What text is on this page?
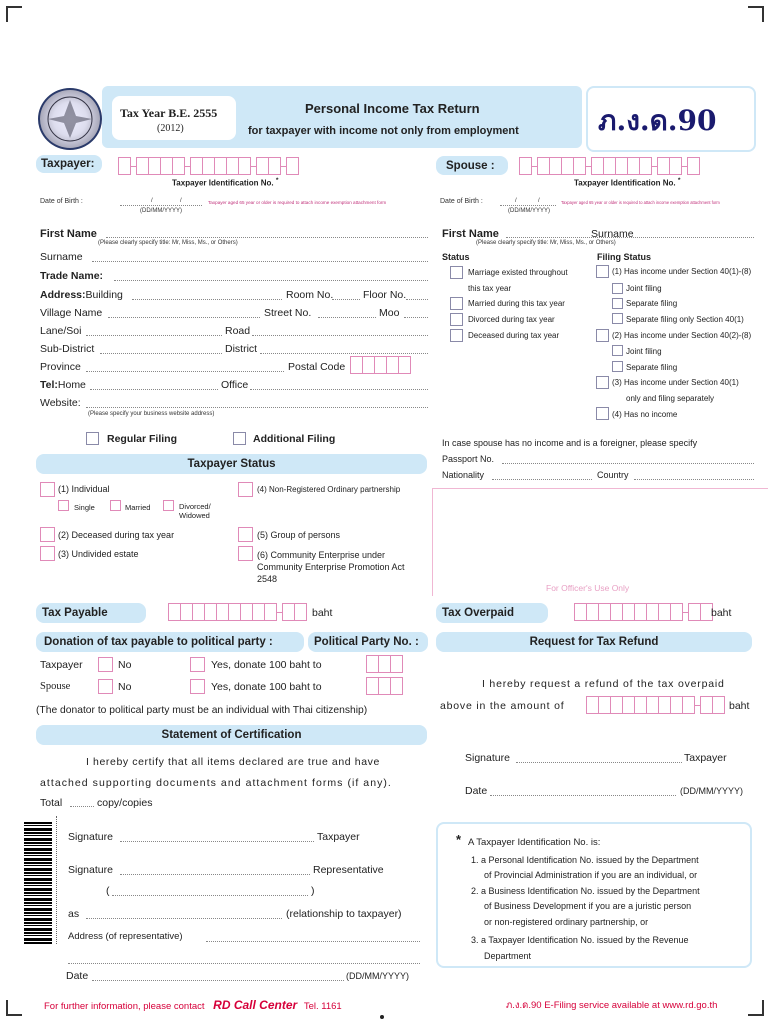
Tax Year B.E. 2555
(2012)
Personal Income Tax Return
for taxpayer with income not only from employment	ภ.ง.ด.90
Taxpayer:
Taxpayer Identification No. *
Date of Birth :	/	/
(DD/MM/YYYY)
Taxpayer aged 65 year or older is required to attach income exemption attachment form
First Name
(Please clearly specify title: Mr, Miss, Ms., or Others)
Surname
Trade Name:
Address:Building	Room No.	Floor No.
Village Name	Street No.	Moo
Lane/Soi	Road
Sub-District	District
Province	Postal Code
Tel:Home	Office
Website:
(Please specify your business website address)
Regular Filing	Additional Filing
Taxpayer Status
(1) Individual
Single	Married	Divorced/ Widowed
(2) Deceased during tax year
(3) Undivided estate
(4) Non-Registered Ordinary partnership
(5) Group of persons
(6) Community Enterprise under Community Enterprise Promotion Act 2548
Spouse :
Taxpayer Identification No. *
Date of Birth :	/	/
(DD/MM/YYYY)
Taxpayer aged 65 year or older is required to attach income exemption attachment form
First Name	Surname
(Please clearly specify title: Mr, Miss, Ms., or Others)
Status	Filing Status
Marriage existed throughout
this tax year
Married during this tax year
Divorced during tax year
Deceased during tax year
(1) Has income under Section 40(1)-(8)
Joint filing
Separate filing
Separate filing only Section 40(1)
(2) Has income under Section 40(2)-(8)
Joint filing
Separate filing
(3) Has income under Section 40(1)
only and filing separately
(4) Has no income
In case spouse has no income and is a foreigner, please specify
Passport No.
Nationality	Country
For Officer's Use Only
Tax Payable	baht	Tax Overpaid	baht
Donation of tax payable to political party :	Political Party No. :
Taxpayer	No	Yes, donate 100 baht to
Spouse	No	Yes, donate 100 baht to
(The donator to political party must be an individual with Thai citizenship)
Request for Tax Refund
I hereby request a refund of the tax overpaid
above in the amount of	baht
Signature	Taxpayer
Date	(DD/MM/YYYY)
Statement of Certification
I hereby certify that all items declared are true and have
attached supporting documents and attachment forms (if any).
Total	copy/copies
Signature	Taxpayer
Signature	Representative
(	)
as	(relationship to taxpayer)
Address (of representative)
Date	(DD/MM/YYYY)
* A Taxpayer Identification No. is:
1. a Personal Identification No. issued by the Department
of Provincial Administration if you are an individual, or
2. a Business Identification No. issued by the Department
of Business Development if you are a juristic person
or non-registered ordinary partnership, or
3. a Taxpayer Identification No. issued by the Revenue
Department
For further information, please contact RD Call Center Tel. 1161	ภ.ง.ด.90 E-Filing service available at www.rd.go.th
